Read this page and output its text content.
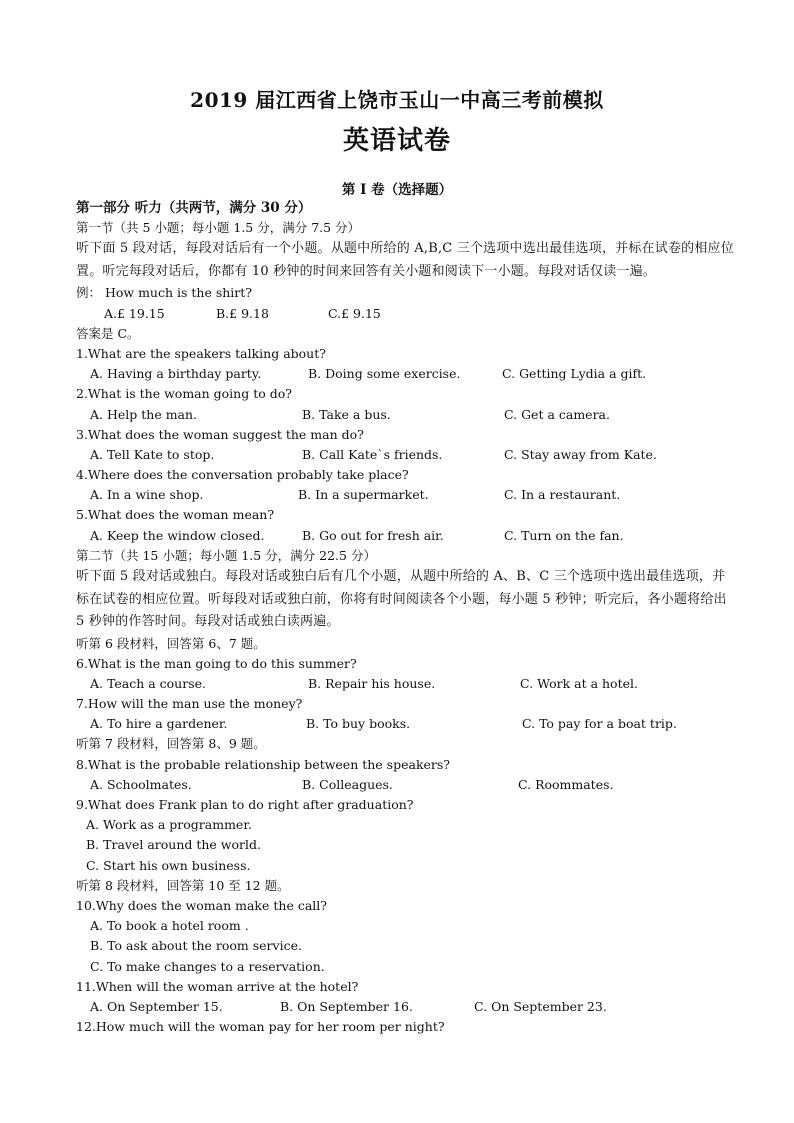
2019 届江西省上饶市玉山一中高三考前模拟
英语试卷
第 I 卷（选择题）
第一部分 听力（共两节，满分 30 分）
第一节（共 5 小题；每小题 1.5 分，满分 7.5 分）
听下面 5 段对话，每段对话后有一个小题。从题中所给的 A,B,C 三个选项中选出最佳选项，并标在试卷的相应位置。听完每段对话后，你都有 10 秒钟的时间来回答有关小题和阅读下一小题。每段对话仅读一遍。
例： How much is the shirt?
A.£ 19.15	B.£ 9.18	C.£ 9.15
答案是 C。
1.What are the speakers talking about?
A. Having a birthday party.	B. Doing some exercise.	C. Getting Lydia a gift.
2.What is the woman going to do?
A. Help the man.	B. Take a bus.	C. Get a camera.
3.What does the woman suggest the man do?
A. Tell Kate to stop.	B. Call Kate`s friends.	C. Stay away from Kate.
4.Where does the conversation probably take place?
A. In a wine shop.	B. In a supermarket.	C. In a restaurant.
5.What does the woman mean?
A. Keep the window closed.	B. Go out for fresh air.	C. Turn on the fan.
第二节（共 15 小题；每小题 1.5 分，满分 22.5 分）
听下面 5 段对话或独白。每段对话或独白后有几个小题，从题中所给的 A、B、C 三个选项中选出最佳选项，并标在试卷的相应位置。听每段对话或独白前，你将有时间阅读各个小题，每小题 5 秒钟；听完后，各小题将给出 5 秒钟的作答时间。每段对话或独白读两遍。
听第 6 段材料，回答第 6、7 题。
6.What is the man going to do this summer?
A. Teach a course.	B. Repair his house.	C. Work at a hotel.
7.How will the man use the money?
A. To hire a gardener.	B. To buy books.	C. To pay for a boat trip.
听第 7 段材料，回答第 8、9 题。
8.What is the probable relationship between the speakers?
A. Schoolmates.	B. Colleagues.	C. Roommates.
9.What does Frank plan to do right after graduation?
A. Work as a programmer.
B. Travel around the world.
C. Start his own business.
听第 8 段材料，回答第 10 至 12 题。
10.Why does the woman make the call?
A. To book a hotel room .
B. To ask about the room service.
C. To make changes to a reservation.
11.When will the woman arrive at the hotel?
A. On September 15.	B. On September 16.	C. On September 23.
12.How much will the woman pay for her room per night?
